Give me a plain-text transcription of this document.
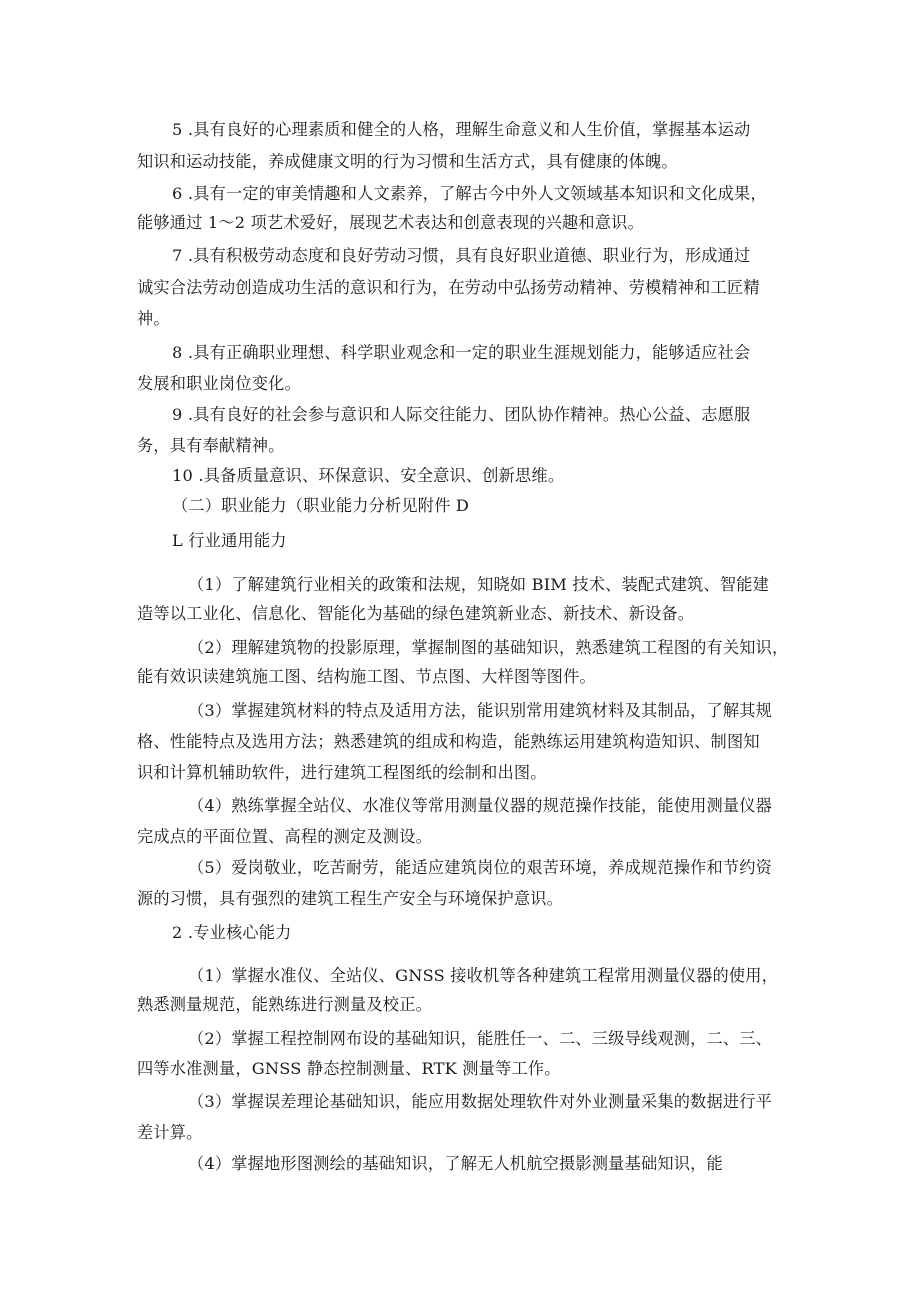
5 .具有良好的心理素质和健全的人格，理解生命意义和人生价值，掌握基本运动
知识和运动技能，养成健康文明的行为习惯和生活方式，具有健康的体魄。
6 .具有一定的审美情趣和人文素养，了解古今中外人文领域基本知识和文化成果，
能够通过 1～2 项艺术爱好，展现艺术表达和创意表现的兴趣和意识。
7 .具有积极劳动态度和良好劳动习惯，具有良好职业道德、职业行为，形成通过
诚实合法劳动创造成功生活的意识和行为，在劳动中弘扬劳动精神、劳模精神和工匠精
神。
8 .具有正确职业理想、科学职业观念和一定的职业生涯规划能力，能够适应社会
发展和职业岗位变化。
9 .具有良好的社会参与意识和人际交往能力、团队协作精神。热心公益、志愿服
务，具有奉献精神。
10 .具备质量意识、环保意识、安全意识、创新思维。
（二）职业能力（职业能力分析见附件 D
L 行业通用能力
（1）了解建筑行业相关的政策和法规，知晓如 BIM 技术、装配式建筑、智能建
造等以工业化、信息化、智能化为基础的绿色建筑新业态、新技术、新设备。
（2）理解建筑物的投影原理，掌握制图的基础知识，熟悉建筑工程图的有关知识，
能有效识读建筑施工图、结构施工图、节点图、大样图等图件。
（3）掌握建筑材料的特点及适用方法，能识别常用建筑材料及其制品，了解其规
格、性能特点及选用方法；熟悉建筑的组成和构造，能熟练运用建筑构造知识、制图知
识和计算机辅助软件，进行建筑工程图纸的绘制和出图。
（4）熟练掌握全站仪、水准仪等常用测量仪器的规范操作技能，能使用测量仪器
完成点的平面位置、高程的测定及测设。
（5）爱岗敬业，吃苦耐劳，能适应建筑岗位的艰苦环境，养成规范操作和节约资
源的习惯，具有强烈的建筑工程生产安全与环境保护意识。
2 .专业核心能力
（1）掌握水准仪、全站仪、GNSS 接收机等各种建筑工程常用测量仪器的使用，
熟悉测量规范，能熟练进行测量及校正。
（2）掌握工程控制网布设的基础知识，能胜任一、二、三级导线观测，二、三、
四等水准测量，GNSS 静态控制测量、RTK 测量等工作。
（3）掌握误差理论基础知识，能应用数据处理软件对外业测量采集的数据进行平
差计算。
（4）掌握地形图测绘的基础知识，了解无人机航空摄影测量基础知识，能
